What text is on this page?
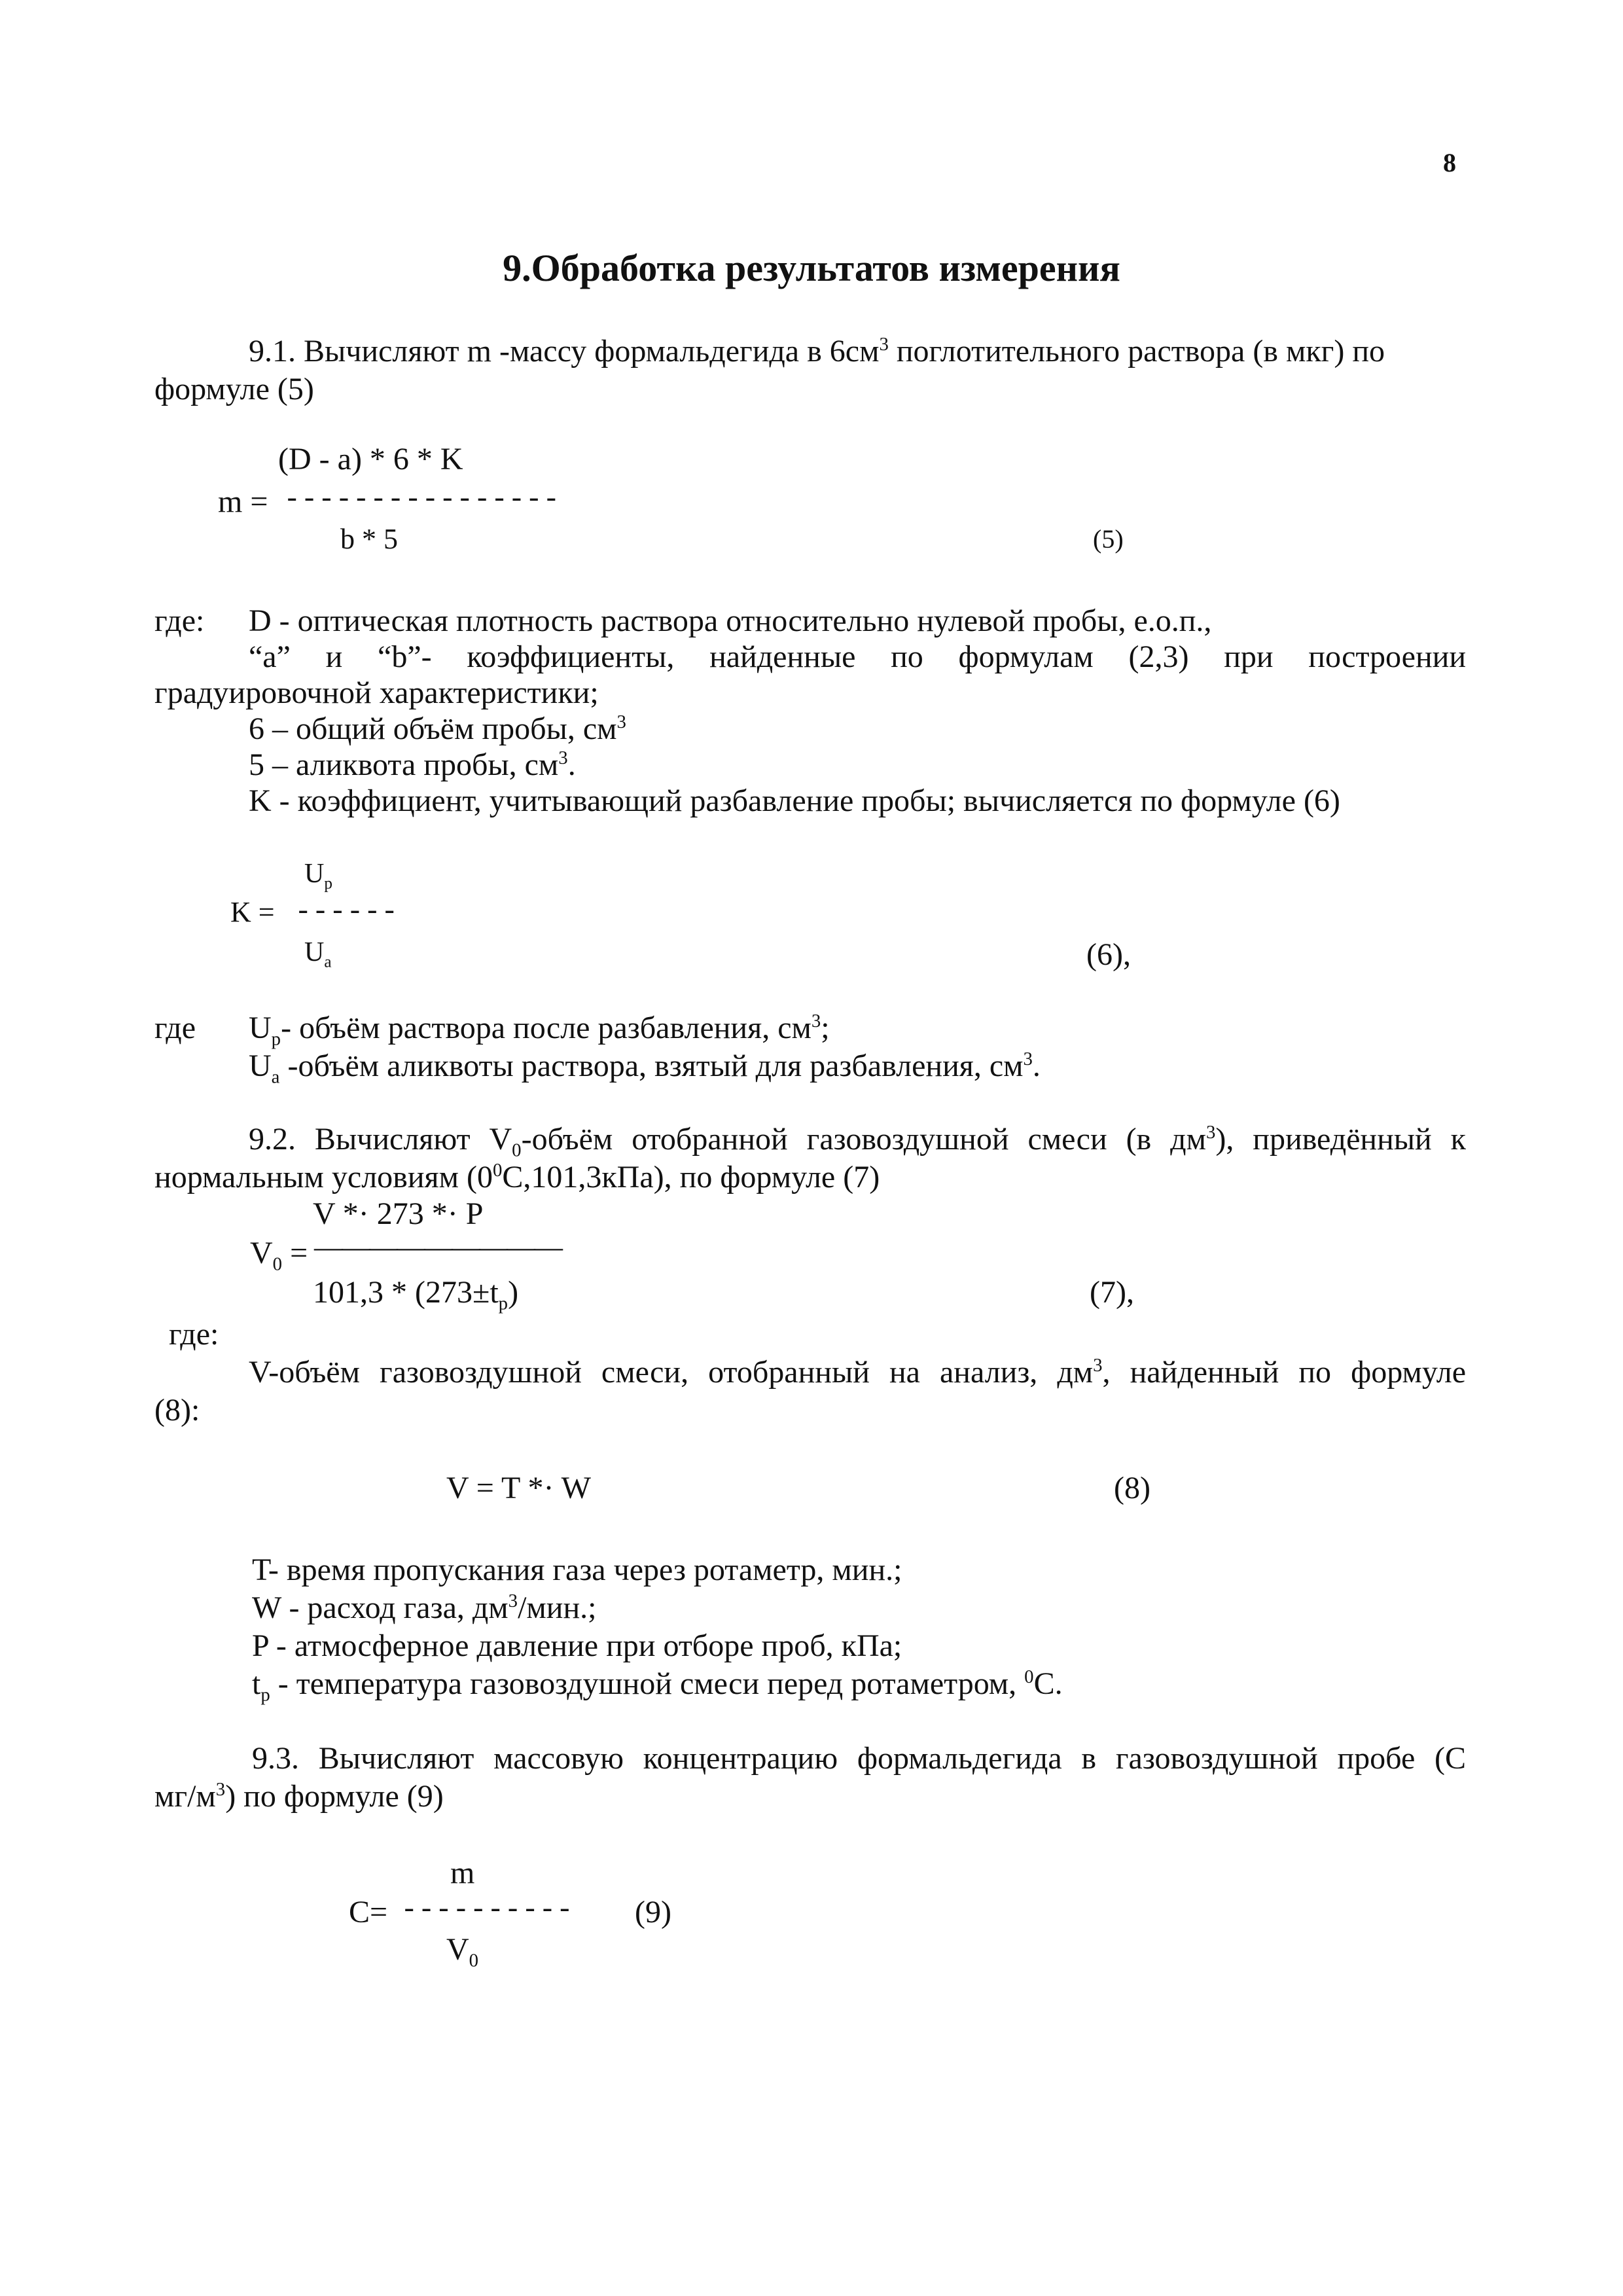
8
9.Обработка результатов измерения
9.1. Вычисляют m -массу формальдегида в $6см^3$ поглотительного раствора (в мкг) по
формуле (5)
(D - a) * 6 * K
m = ----------------
b * 5	(5)
где: D - оптическая плотность раствора относительно нулевой пробы, е.о.п.,
“a” и “b”- коэффициенты, найденные по формулам (2,3) при построении
градуировочной характеристики;
6 – общий объём пробы, $см^3$
5 – аликвота пробы, $см^3$.
K - коэффициент, учитывающий разбавление пробы; вычисляется по формуле (6)
$U_p$
K = ------
$U_a$	(6),
где $U_p-$ объём раствора после разбавления, $см^3$;
$U_a$ -объём аликвоты раствора, взятый для разбавления, $см^3$.
9.2. Вычисляют $V_0$-объём отобранной газовоздушной смеси (в $дм^3$), приведённый к
нормальным условиям $(0^0C,101,3кПа)$, по формуле (7)
V *· 273 *· P
$V_0$ = —————————
$101,3 * (273\pm t_p)$	(7),
где:
V-объём газовоздушной смеси, отобранный на анализ, $дм^3$, найденный по формуле
(8):
V = T *· W	(8)
T- время пропускания газа через ротаметр, мин.;
W - расход газа, $дм^3$/мин.;
P - атмосферное давление при отборе проб, кПа;
$t_p$ - температура газовоздушной смеси перед ротаметром, $^0$C.
9.3. Вычисляют массовую концентрацию формальдегида в газовоздушной пробе (C
$мг/м^3$) по формуле (9)
m
C= ----------
$V_0$
(9)
